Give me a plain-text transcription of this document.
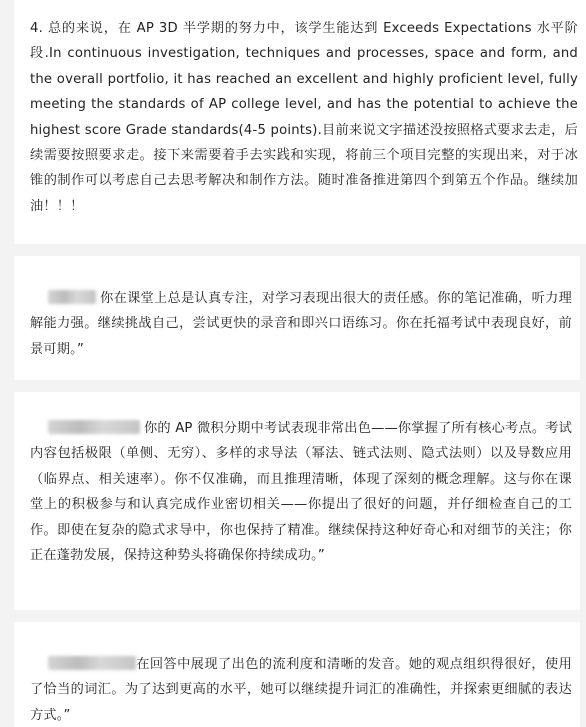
4. 总的来说，在 AP 3D 半学期的努力中，该学生能达到 Exceeds Expectations 水平阶段.In continuous investigation, techniques and processes, space and form, and the overall portfolio, it has reached an excellent and highly proficient level, fully meeting the standards of AP college level, and has the potential to achieve the highest score Grade standards(4-5 points).目前来说文字描述没按照格式要求去走，后续需要按照要求走。接下来需要着手去实践和实现，将前三个项目完整的实现出来，对于冰锥的制作可以考虑自己去思考解决和制作方法。随时准备推进第四个到第五个作品。继续加油！！！

你在课堂上总是认真专注，对学习表现出很大的责任感。你的笔记准确，听力理解能力强。继续挑战自己，尝试更快的录音和即兴口语练习。你在托福考试中表现良好，前景可期。”

你的 AP 微积分期中考试表现非常出色——你掌握了所有核心考点。考试内容包括极限（单侧、无穷）、多样的求导法（幂法、链式法则、隐式法则）以及导数应用（临界点、相关速率）。你不仅准确，而且推理清晰，体现了深刻的概念理解。这与你在课堂上的积极参与和认真完成作业密切相关——你提出了很好的问题，并仔细检查自己的工作。即使在复杂的隐式求导中，你也保持了精准。继续保持这种好奇心和对细节的关注；你正在蓬勃发展，保持这种势头将确保你持续成功。”

在回答中展现了出色的流利度和清晰的发音。她的观点组织得很好，使用了恰当的词汇。为了达到更高的水平，她可以继续提升词汇的准确性，并探索更细腻的表达方式。”
